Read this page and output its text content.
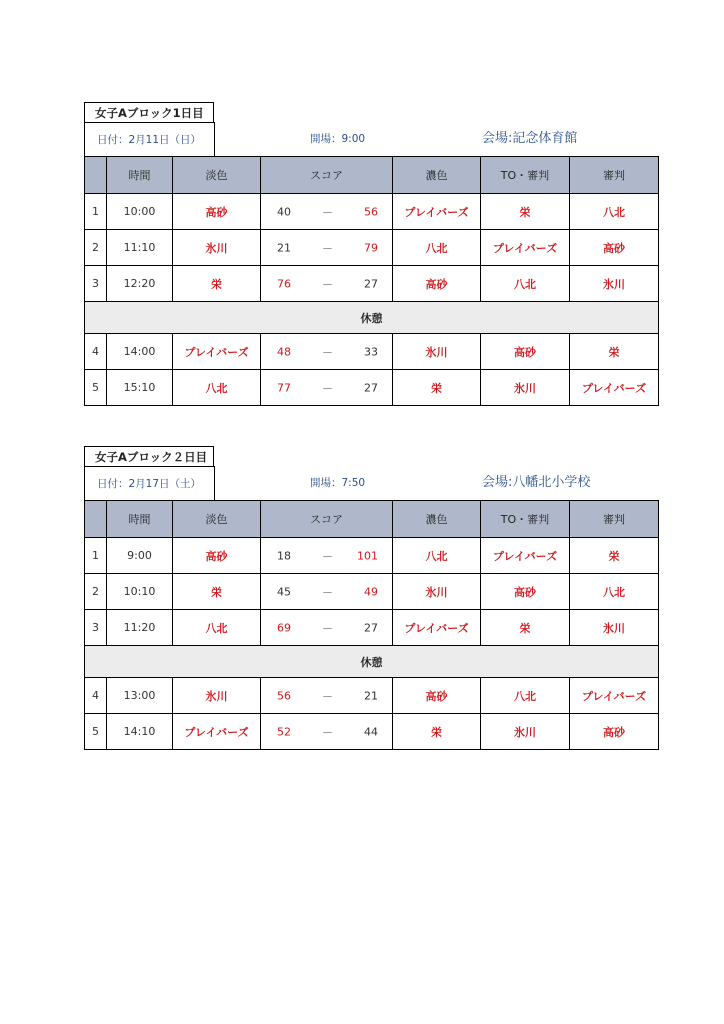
女子Aブロック1日目
日付：2月11日（日）	開場：9:00	会場:記念体育館
	時間	淡色	スコア	濃色	TO・審判	審判
1	10:00	高砂	40 － 56	プレイバーズ	栄	八北
2	11:10	氷川	21 － 79	八北	プレイバーズ	高砂
3	12:20	栄	76 － 27	高砂	八北	氷川
休憩						
4	14:00	プレイバーズ	48 － 33	氷川	高砂	栄
5	15:10	八北	77 － 27	栄	氷川	プレイバーズ
女子Aブロック２日目
日付：2月17日（土）	開場：7:50	会場:八幡北小学校
	時間	淡色	スコア	濃色	TO・審判	審判
1	9:00	高砂	18 － 101	八北	プレイバーズ	栄
2	10:10	栄	45 － 49	氷川	高砂	八北
3	11:20	八北	69 － 27	プレイバーズ	栄	氷川
休憩						
4	13:00	氷川	56 － 21	高砂	八北	プレイバーズ
5	14:10	プレイバーズ	52 － 44	栄	氷川	高砂
